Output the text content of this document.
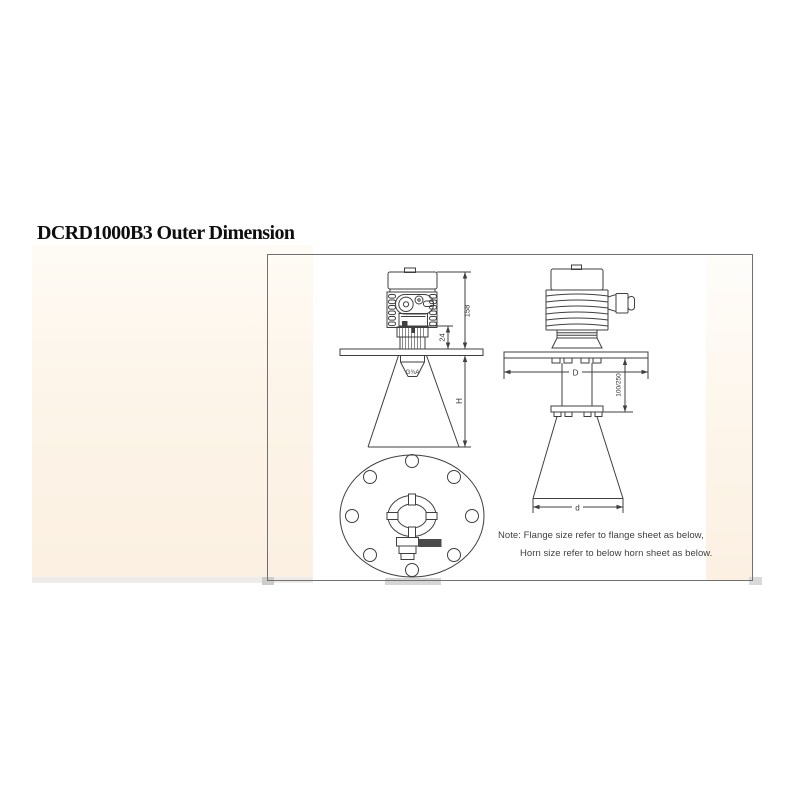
DCRD1000B3 Outer Dimension
158
24
H
G¾A	D
100/250
d
Note: Flange size refer to flange sheet as below,
Horn size refer to below horn sheet as below.
